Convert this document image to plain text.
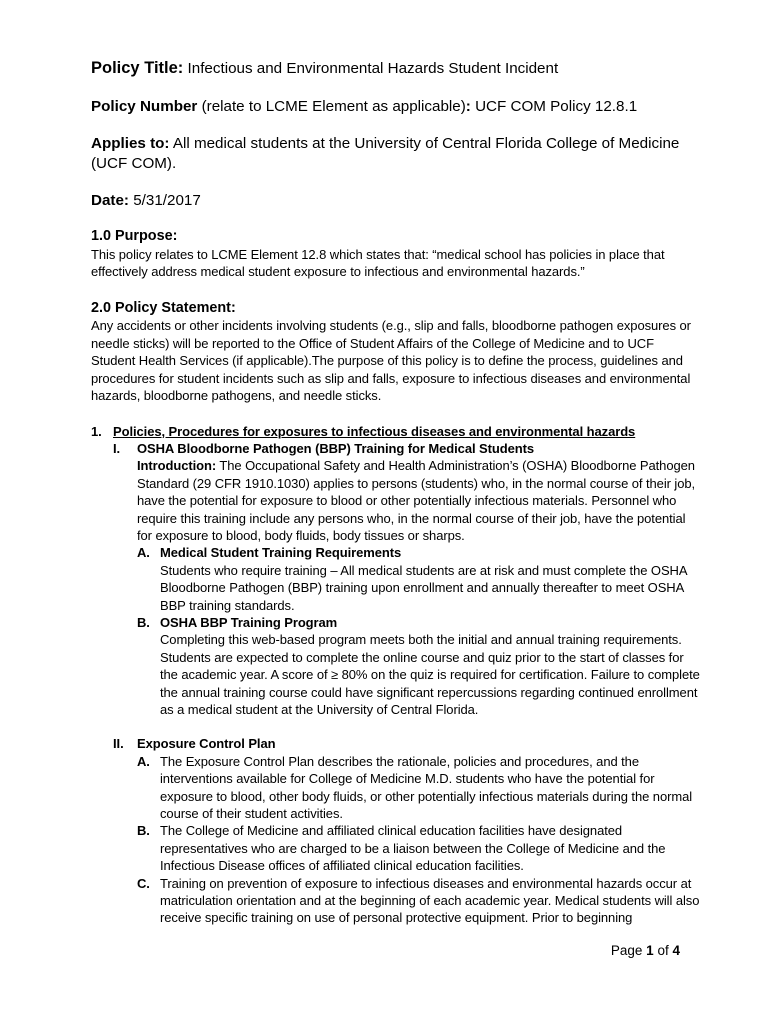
Policy Title: Infectious and Environmental Hazards Student Incident

Policy Number (relate to LCME Element as applicable): UCF COM Policy 12.8.1

Applies to: All medical students at the University of Central Florida College of Medicine (UCF COM).

Date: 5/31/2017

1.0 Purpose:

This policy relates to LCME Element 12.8 which states that: “medical school has policies in place that effectively address medical student exposure to infectious and environmental hazards.”

2.0 Policy Statement:

Any accidents or other incidents involving students (e.g., slip and falls, bloodborne pathogen exposures or needle sticks) will be reported to the Office of Student Affairs of the College of Medicine and to UCF Student Health Services (if applicable).The purpose of this policy is to define the process, guidelines and procedures for student incidents such as slip and falls, exposure to infectious diseases and environmental hazards, bloodborne pathogens, and needle sticks.

1. Policies, Procedures for exposures to infectious diseases and environmental hazards
I.	OSHA Bloodborne Pathogen (BBP) Training for Medical Students
Introduction: The Occupational Safety and Health Administration’s (OSHA) Bloodborne Pathogen Standard (29 CFR 1910.1030) applies to persons (students) who, in the normal course of their job, have the potential for exposure to blood or other potentially infectious materials. Personnel who require this training include any persons who, in the normal course of their job, have the potential for exposure to blood, body fluids, body tissues or sharps.
A. Medical Student Training Requirements
Students who require training – All medical students are at risk and must complete the OSHA Bloodborne Pathogen (BBP) training upon enrollment and annually thereafter to meet OSHA BBP training standards.
B. OSHA BBP Training Program
Completing this web-based program meets both the initial and annual training requirements. Students are expected to complete the online course and quiz prior to the start of classes for the academic year. A score of ≥ 80% on the quiz is required for certification. Failure to complete the annual training course could have significant repercussions regarding continued enrollment as a medical student at the University of Central Florida.
II.	Exposure Control Plan
A. The Exposure Control Plan describes the rationale, policies and procedures, and the interventions available for College of Medicine M.D. students who have the potential for exposure to blood, other body fluids, or other potentially infectious materials during the normal course of their student activities.
B. The College of Medicine and affiliated clinical education facilities have designated representatives who are charged to be a liaison between the College of Medicine and the Infectious Disease offices of affiliated clinical education facilities.
C. Training on prevention of exposure to infectious diseases and environmental hazards occur at matriculation orientation and at the beginning of each academic year. Medical students will also receive specific training on use of personal protective equipment. Prior to beginning
Page 1 of 4
